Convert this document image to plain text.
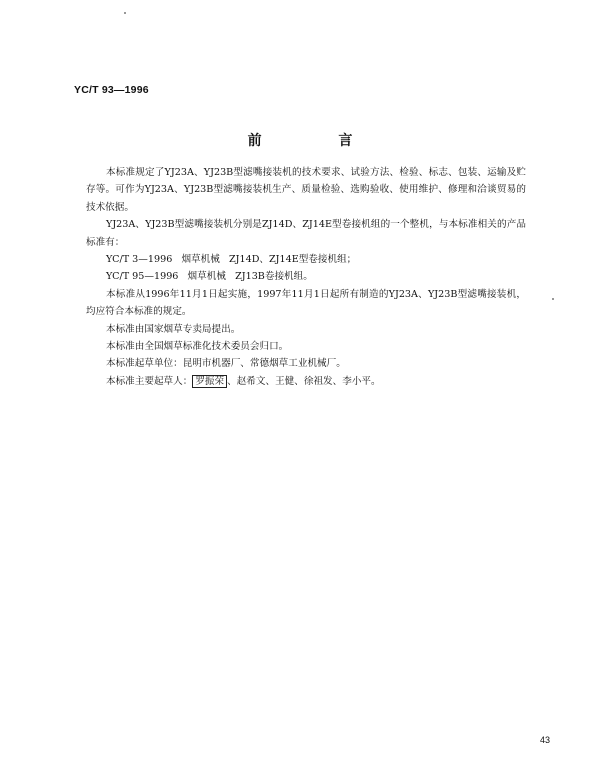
YC/T 93—1996
前 言

本标准规定了YJ23A、YJ23B型滤嘴接装机的技术要求、试验方法、检验、标志、包装、运输及贮存等。可作为YJ23A、YJ23B型滤嘴接装机生产、质量检验、选购验收、使用维护、修理和洽谈贸易的技术依据。

YJ23A、YJ23B型滤嘴接装机分别是ZJ14D、ZJ14E型卷接机组的一个整机，与本标准相关的产品标准有：

YC/T 3—1996   烟草机械   ZJ14D、ZJ14E型卷接机组；

YC/T 95—1996   烟草机械   ZJ13B卷接机组。

本标准从1996年11月1日起实施，1997年11月1日起所有制造的YJ23A、YJ23B型滤嘴接装机，均应符合本标准的规定。

本标准由国家烟草专卖局提出。

本标准由全国烟草标准化技术委员会归口。

本标准起草单位：昆明市机器厂、常德烟草工业机械厂。

本标准主要起草人： 罗振荣 、赵希文、王健、徐祖发、李小平。

43
